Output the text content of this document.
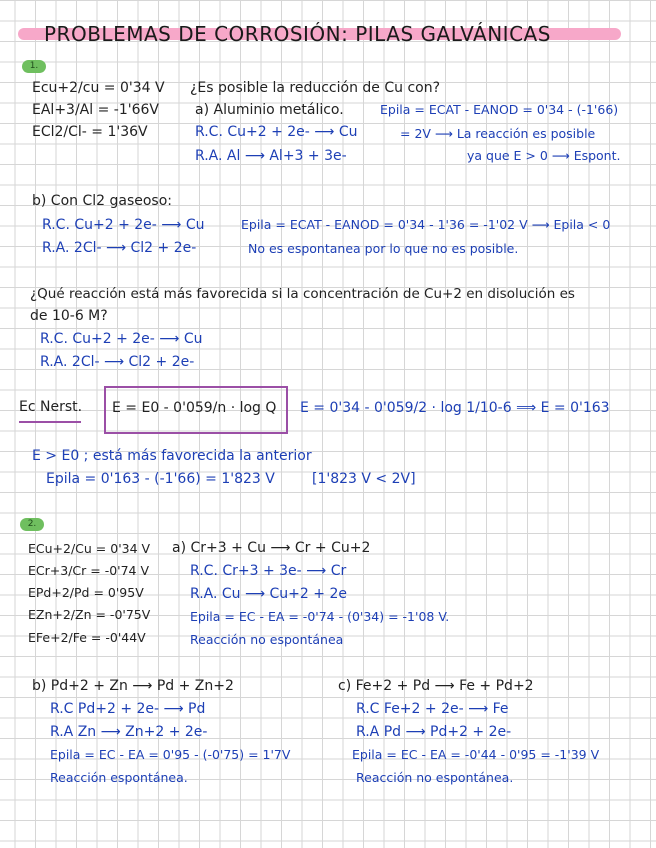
PROBLEMAS DE CORROSIÓN: PILAS GALVÁNICAS
1.
Ecu+2/cu = 0'34 V
EAl+3/Al = -1'66V
ECl2/Cl- = 1'36V
¿Es posible la reducción de Cu con?
a) Aluminio metálico.
R.C. Cu+2 + 2e- ⟶ Cu
R.A. Al ⟶ Al+3 + 3e-
Epila = ECAT - EANOD = 0'34 - (-1'66)
= 2V ⟶ La reacción es posible
ya que E > 0 ⟶ Espont.
b) Con Cl2 gaseoso:
R.C. Cu+2 + 2e- ⟶ Cu
R.A. 2Cl- ⟶ Cl2 + 2e-
Epila = ECAT - EANOD = 0'34 - 1'36 = -1'02 V ⟶ Epila < 0
No es espontanea por lo que no es posible.
¿Qué reacción está más favorecida si la concentración de Cu+2 en disolución es
de 10-6 M?
R.C. Cu+2 + 2e- ⟶ Cu
R.A. 2Cl- ⟶ Cl2 + 2e-
Ec Nerst. E = E0 - 0'059/n · log Q E = 0'34 - 0'059/2 · log 1/10-6 ⟹ E = 0'163
E > E0 ; está más favorecida la anterior
Epila = 0'163 - (-1'66) = 1'823 V	[1'823 V < 2V]
2.
ECu+2/Cu = 0'34 V
ECr+3/Cr = -0'74 V
EPd+2/Pd = 0'95V
EZn+2/Zn = -0'75V
EFe+2/Fe = -0'44V
a) Cr+3 + Cu ⟶ Cr + Cu+2
R.C. Cr+3 + 3e- ⟶ Cr
R.A. Cu ⟶ Cu+2 + 2e
Epila = EC - EA = -0'74 - (0'34) = -1'08 V.
Reacción no espontánea
b) Pd+2 + Zn ⟶ Pd + Zn+2
R.C Pd+2 + 2e- ⟶ Pd
R.A Zn ⟶ Zn+2 + 2e-
Epila = EC - EA = 0'95 - (-0'75) = 1'7V
Reacción espontánea.
c) Fe+2 + Pd ⟶ Fe + Pd+2
R.C Fe+2 + 2e- ⟶ Fe
R.A Pd ⟶ Pd+2 + 2e-
Epila = EC - EA = -0'44 - 0'95 = -1'39 V
Reacción no espontánea.
